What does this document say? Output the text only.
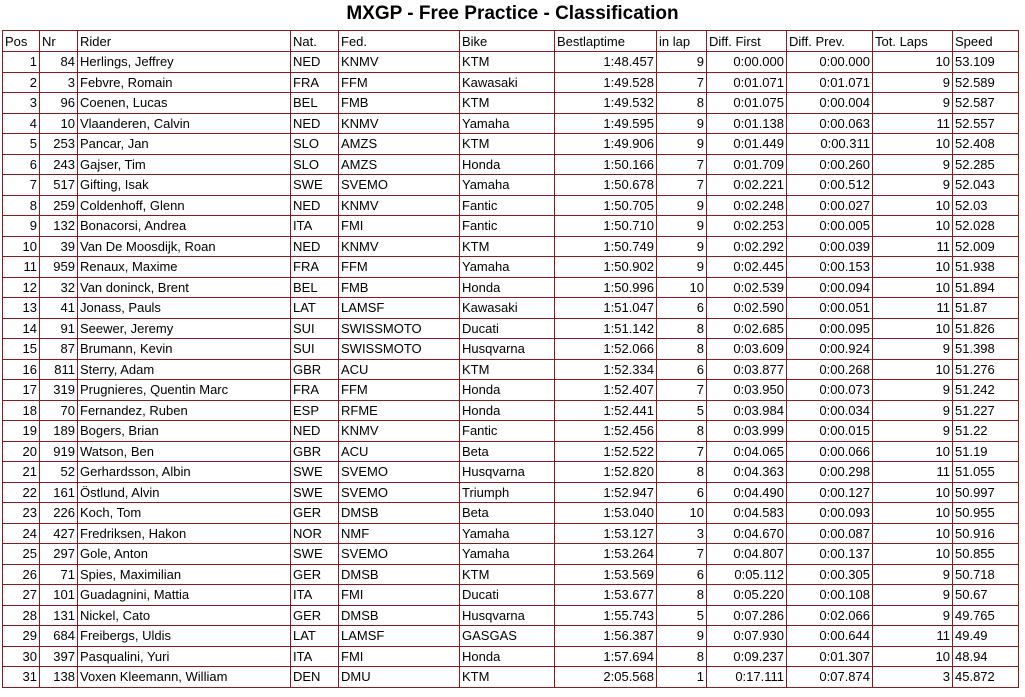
MXGP - Free Practice - Classification
Pos	Nr	Rider	Nat.	Fed.	Bike	Bestlaptime	in lap	Diff. First	Diff. Prev.	Tot. Laps	Speed
1	84	Herlings, Jeffrey	NED	KNMV	KTM	1:48.457	9	0:00.000	0:00.000	10	53.109
2	3	Febvre, Romain	FRA	FFM	Kawasaki	1:49.528	7	0:01.071	0:01.071	9	52.589
3	96	Coenen, Lucas	BEL	FMB	KTM	1:49.532	8	0:01.075	0:00.004	9	52.587
4	10	Vlaanderen, Calvin	NED	KNMV	Yamaha	1:49.595	9	0:01.138	0:00.063	11	52.557
5	253	Pancar, Jan	SLO	AMZS	KTM	1:49.906	9	0:01.449	0:00.311	10	52.408
6	243	Gajser, Tim	SLO	AMZS	Honda	1:50.166	7	0:01.709	0:00.260	9	52.285
7	517	Gifting, Isak	SWE	SVEMO	Yamaha	1:50.678	7	0:02.221	0:00.512	9	52.043
8	259	Coldenhoff, Glenn	NED	KNMV	Fantic	1:50.705	9	0:02.248	0:00.027	10	52.03
9	132	Bonacorsi, Andrea	ITA	FMI	Fantic	1:50.710	9	0:02.253	0:00.005	10	52.028
10	39	Van De Moosdijk, Roan	NED	KNMV	KTM	1:50.749	9	0:02.292	0:00.039	11	52.009
11	959	Renaux, Maxime	FRA	FFM	Yamaha	1:50.902	9	0:02.445	0:00.153	10	51.938
12	32	Van doninck, Brent	BEL	FMB	Honda	1:50.996	10	0:02.539	0:00.094	10	51.894
13	41	Jonass, Pauls	LAT	LAMSF	Kawasaki	1:51.047	6	0:02.590	0:00.051	11	51.87
14	91	Seewer, Jeremy	SUI	SWISSMOTO	Ducati	1:51.142	8	0:02.685	0:00.095	10	51.826
15	87	Brumann, Kevin	SUI	SWISSMOTO	Husqvarna	1:52.066	8	0:03.609	0:00.924	9	51.398
16	811	Sterry, Adam	GBR	ACU	KTM	1:52.334	6	0:03.877	0:00.268	10	51.276
17	319	Prugnieres, Quentin Marc	FRA	FFM	Honda	1:52.407	7	0:03.950	0:00.073	9	51.242
18	70	Fernandez, Ruben	ESP	RFME	Honda	1:52.441	5	0:03.984	0:00.034	9	51.227
19	189	Bogers, Brian	NED	KNMV	Fantic	1:52.456	8	0:03.999	0:00.015	9	51.22
20	919	Watson, Ben	GBR	ACU	Beta	1:52.522	7	0:04.065	0:00.066	10	51.19
21	52	Gerhardsson, Albin	SWE	SVEMO	Husqvarna	1:52.820	8	0:04.363	0:00.298	11	51.055
22	161	Östlund, Alvin	SWE	SVEMO	Triumph	1:52.947	6	0:04.490	0:00.127	10	50.997
23	226	Koch, Tom	GER	DMSB	Beta	1:53.040	10	0:04.583	0:00.093	10	50.955
24	427	Fredriksen, Hakon	NOR	NMF	Yamaha	1:53.127	3	0:04.670	0:00.087	10	50.916
25	297	Gole, Anton	SWE	SVEMO	Yamaha	1:53.264	7	0:04.807	0:00.137	10	50.855
26	71	Spies, Maximilian	GER	DMSB	KTM	1:53.569	6	0:05.112	0:00.305	9	50.718
27	101	Guadagnini, Mattia	ITA	FMI	Ducati	1:53.677	8	0:05.220	0:00.108	9	50.67
28	131	Nickel, Cato	GER	DMSB	Husqvarna	1:55.743	5	0:07.286	0:02.066	9	49.765
29	684	Freibergs, Uldis	LAT	LAMSF	GASGAS	1:56.387	9	0:07.930	0:00.644	11	49.49
30	397	Pasqualini, Yuri	ITA	FMI	Honda	1:57.694	8	0:09.237	0:01.307	10	48.94
31	138	Voxen Kleemann, William	DEN	DMU	KTM	2:05.568	1	0:17.111	0:07.874	3	45.872
